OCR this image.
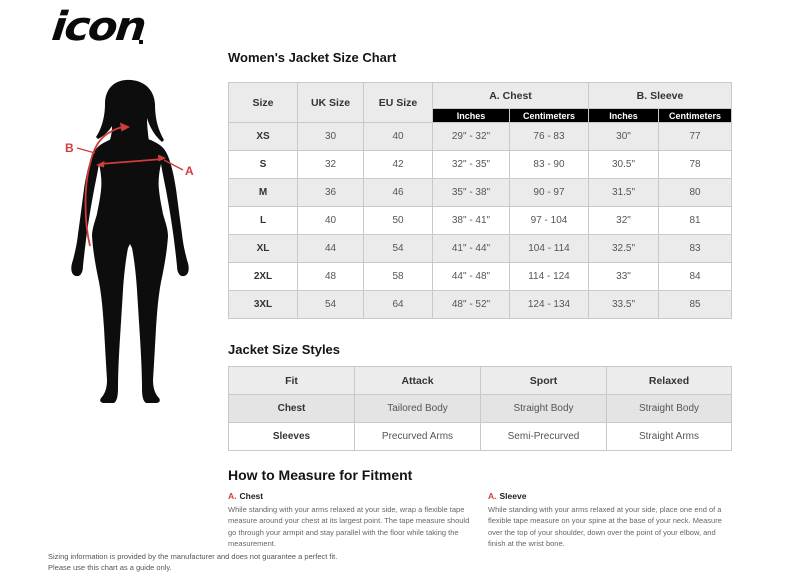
icon
A
B
Women's Jacket Size Chart
Size	UK Size	EU Size	A. Chest		B. Sleeve	
			Inches	Centimeters	Inches	Centimeters
XS	30	40	29" - 32"	76 - 83	30"	77
S	32	42	32" - 35"	83 - 90	30.5"	78
M	36	46	35" - 38"	90 - 97	31.5"	80
L	40	50	38" - 41"	97 - 104	32"	81
XL	44	54	41" - 44"	104 - 114	32.5"	83
2XL	48	58	44" - 48"	114 - 124	33"	84
3XL	54	64	48" - 52"	124 - 134	33.5"	85
Jacket Size Styles
Fit	Attack	Sport	Relaxed
Chest	Tailored Body	Straight Body	Straight Body
Sleeves	Precurved Arms	Semi-Precurved	Straight Arms
How to Measure for Fitment
A. Chest
While standing with your arms relaxed at your side, wrap a flexible tape measure around your chest at its largest point. The tape measure should go through your armpit and stay parallel with the floor while taking the measurement.
A. Sleeve
While standing with your arms relaxed at your side, place one end of a flexible tape measure on your spine at the base of your neck. Measure over the top of your shoulder, down over the point of your elbow, and finish at the wrist bone.
Sizing information is provided by the manufacturer and does not guarantee a perfect fit.
Please use this chart as a guide only.
